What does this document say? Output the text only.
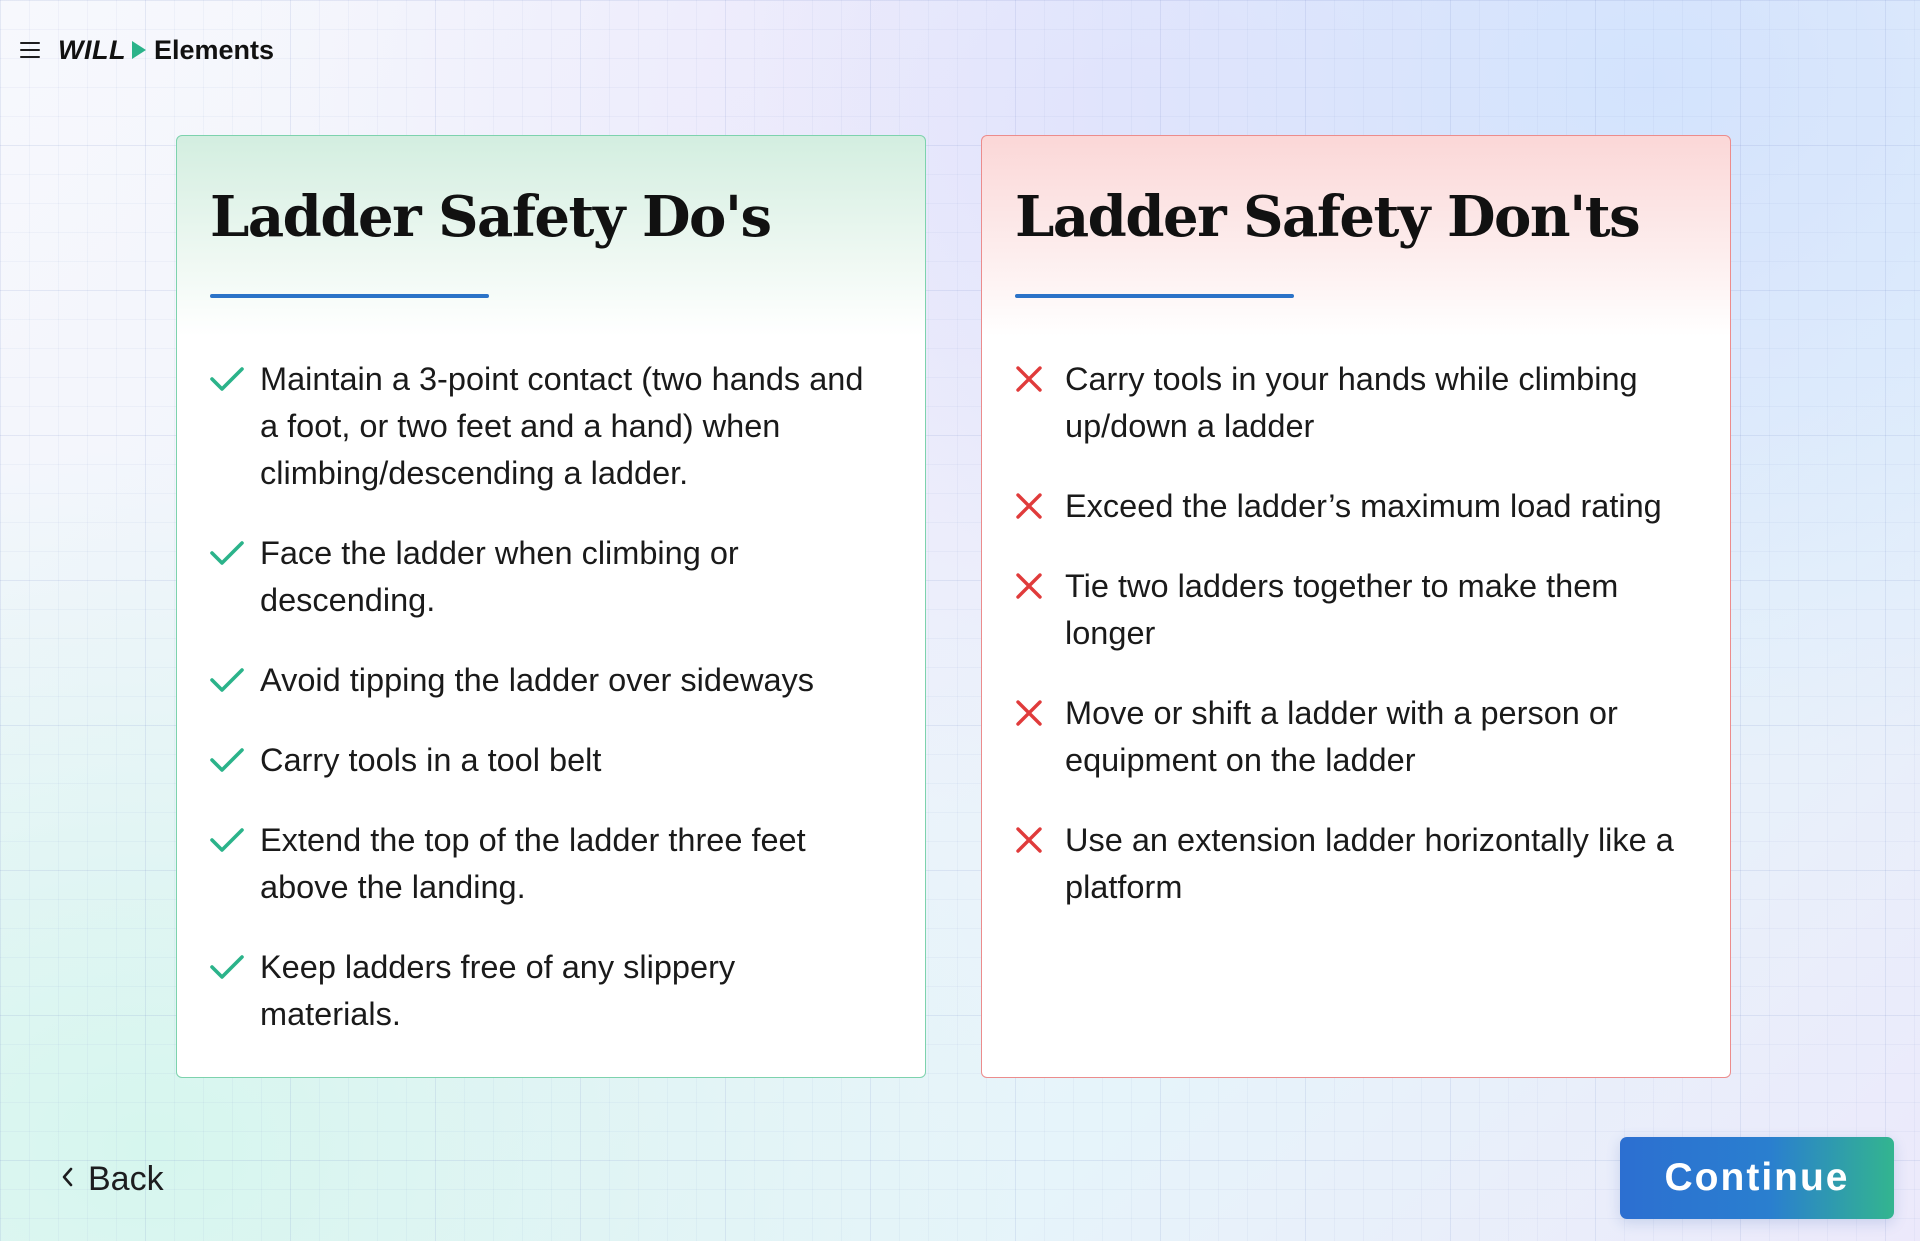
WILL Elements
Ladder Safety Do's
Maintain a 3-point contact (two hands and a foot, or two feet and a hand) when climbing/descending a ladder.
Face the ladder when climbing or descending.
Avoid tipping the ladder over sideways
Carry tools in a tool belt
Extend the top of the ladder three feet above the landing.
Keep ladders free of any slippery materials.
Ladder Safety Don'ts
Carry tools in your hands while climbing up/down a ladder
Exceed the ladder’s maximum load rating
Tie two ladders together to make them longer
Move or shift a ladder with a person or equipment on the ladder
Use an extension ladder horizontally like a platform
Back	Continue
